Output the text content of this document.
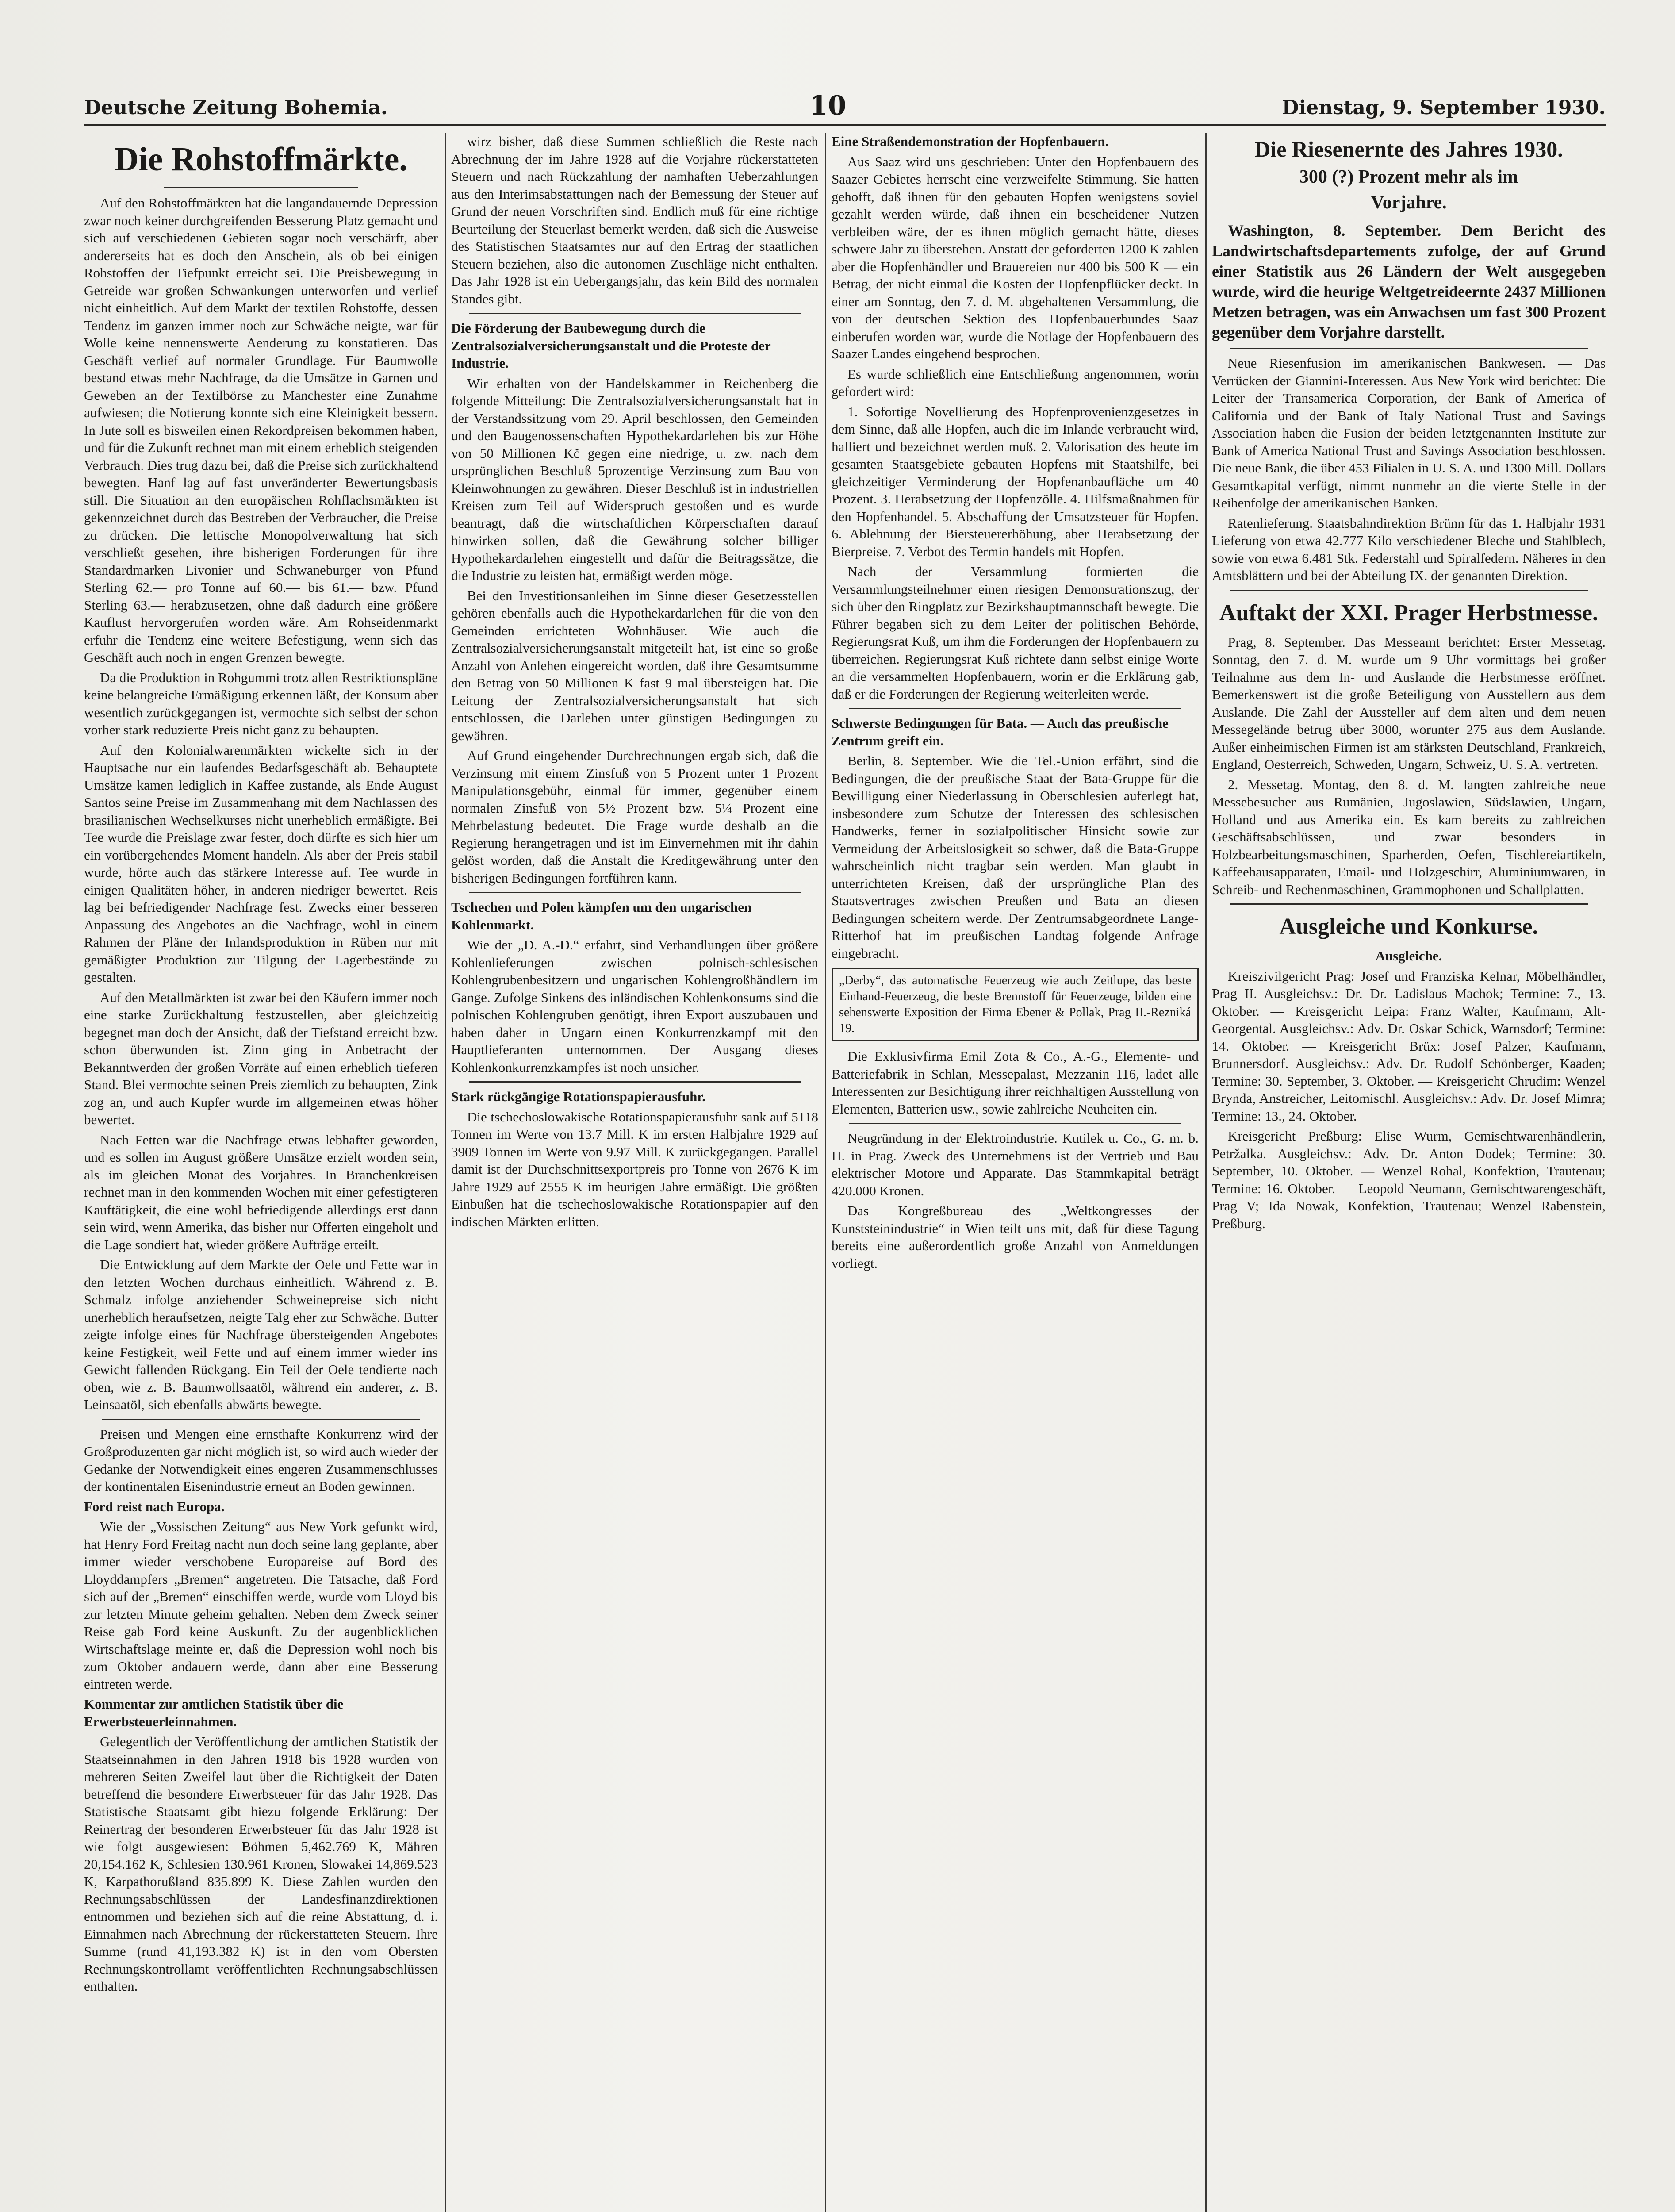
Deutsche Zeitung Bohemia.	10	Dienstag, 9. September 1930.
Die Rohstoffmärkte.

Auf den Rohstoffmärkten hat die langandauernde Depression zwar noch keiner durchgreifenden Besserung Platz gemacht und sich auf verschiedenen Gebieten sogar noch verschärft, aber andererseits hat es doch den Anschein, als ob bei einigen Rohstoffen der Tiefpunkt erreicht sei. Die Preisbewegung in Getreide war großen Schwankungen unterworfen und verlief nicht einheitlich. Auf dem Markt der textilen Rohstoffe, dessen Tendenz im ganzen immer noch zur Schwäche neigte, war für Wolle keine nennenswerte Aenderung zu konstatieren. Das Geschäft verlief auf normaler Grundlage. Für Baumwolle bestand etwas mehr Nachfrage, da die Umsätze in Garnen und Geweben an der Textilbörse zu Manchester eine Zunahme aufwiesen; die Notierung konnte sich eine Kleinigkeit bessern. In Jute soll es bisweilen einen Rekordpreisen bekommen haben, und für die Zukunft rechnet man mit einem erheblich steigenden Verbrauch. Dies trug dazu bei, daß die Preise sich zurückhaltend bewegten. Hanf lag auf fast unveränderter Bewertungsbasis still. Die Situation an den europäischen Rohflachsmärkten ist gekennzeichnet durch das Bestreben der Verbraucher, die Preise zu drücken. Die lettische Monopolverwaltung hat sich verschließt gesehen, ihre bisherigen Forderungen für ihre Standardmarken Livonier und Schwaneburger von Pfund Sterling 62.— pro Tonne auf 60.— bis 61.— bzw. Pfund Sterling 63.— herabzusetzen, ohne daß dadurch eine größere Kauflust hervorgerufen worden wäre. Am Rohseidenmarkt erfuhr die Tendenz eine weitere Befestigung, wenn sich das Geschäft auch noch in engen Grenzen bewegte.

Da die Produktion in Rohgummi trotz allen Restriktionspläne keine belangreiche Ermäßigung erkennen läßt, der Konsum aber wesentlich zurückgegangen ist, vermochte sich selbst der schon vorher stark reduzierte Preis nicht ganz zu behaupten.

Auf den Kolonialwarenmärkten wickelte sich in der Hauptsache nur ein laufendes Bedarfsgeschäft ab. Behauptete Umsätze kamen lediglich in Kaffee zustande, als Ende August Santos seine Preise im Zusammenhang mit dem Nachlassen des brasilianischen Wechselkurses nicht unerheblich ermäßigte. Bei Tee wurde die Preislage zwar fester, doch dürfte es sich hier um ein vorübergehendes Moment handeln. Als aber der Preis stabil wurde, hörte auch das stärkere Interesse auf. Tee wurde in einigen Qualitäten höher, in anderen niedriger bewertet. Reis lag bei befriedigender Nachfrage fest. Zwecks einer besseren Anpassung des Angebotes an die Nachfrage, wohl in einem Rahmen der Pläne der Inlandsproduktion in Rüben nur mit gemäßigter Produktion zur Tilgung der Lagerbestände zu gestalten.

Auf den Metallmärkten ist zwar bei den Käufern immer noch eine starke Zurückhaltung festzustellen, aber gleichzeitig begegnet man doch der Ansicht, daß der Tiefstand erreicht bzw. schon überwunden ist. Zinn ging in Anbetracht der Bekanntwerden der großen Vorräte auf einen erheblich tieferen Stand. Blei vermochte seinen Preis ziemlich zu behaupten, Zink zog an, und auch Kupfer wurde im allgemeinen etwas höher bewertet.

Nach Fetten war die Nachfrage etwas lebhafter geworden, und es sollen im August größere Umsätze erzielt worden sein, als im gleichen Monat des Vorjahres. In Branchenkreisen rechnet man in den kommenden Wochen mit einer gefestigteren Kauftätigkeit, die eine wohl befriedigende allerdings erst dann sein wird, wenn Amerika, das bisher nur Offerten eingeholt und die Lage sondiert hat, wieder größere Aufträge erteilt.

Die Entwicklung auf dem Markte der Oele und Fette war in den letzten Wochen durchaus einheitlich. Während z. B. Schmalz infolge anziehender Schweinepreise sich nicht unerheblich heraufsetzen, neigte Talg eher zur Schwäche. Butter zeigte infolge eines für Nachfrage übersteigenden Angebotes keine Festigkeit, weil Fette und auf einem immer wieder ins Gewicht fallenden Rückgang. Ein Teil der Oele tendierte nach oben, wie z. B. Baumwollsaatöl, während ein anderer, z. B. Leinsaatöl, sich ebenfalls abwärts bewegte.

Preisen und Mengen eine ernsthafte Konkurrenz wird der Großproduzenten gar nicht möglich ist, so wird auch wieder der Gedanke der Notwendigkeit eines engeren Zusammenschlusses der kontinentalen Eisenindustrie erneut an Boden gewinnen.

Ford reist nach Europa.

Wie der „Vossischen Zeitung“ aus New York gefunkt wird, hat Henry Ford Freitag nacht nun doch seine lang geplante, aber immer wieder verschobene Europareise auf Bord des Lloyddampfers „Bremen“ angetreten. Die Tatsache, daß Ford sich auf der „Bremen“ einschiffen werde, wurde vom Lloyd bis zur letzten Minute geheim gehalten. Neben dem Zweck seiner Reise gab Ford keine Auskunft. Zu der augenblicklichen Wirtschaftslage meinte er, daß die Depression wohl noch bis zum Oktober andauern werde, dann aber eine Besserung eintreten werde.

Kommentar zur amtlichen Statistik über die Erwerbsteuerleinnahmen.

Gelegentlich der Veröffentlichung der amtlichen Statistik der Staatseinnahmen in den Jahren 1918 bis 1928 wurden von mehreren Seiten Zweifel laut über die Richtigkeit der Daten betreffend die besondere Erwerbsteuer für das Jahr 1928. Das Statistische Staatsamt gibt hiezu folgende Erklärung: Der Reinertrag der besonderen Erwerbsteuer für das Jahr 1928 ist wie folgt ausgewiesen: Böhmen 5,462.769 K, Mähren 20,154.162 K, Schlesien 130.961 Kronen, Slowakei 14,869.523 K, Karpathorußland 835.899 K. Diese Zahlen wurden den Rechnungsabschlüssen der Landesfinanzdirektionen entnommen und beziehen sich auf die reine Abstattung, d. i. Einnahmen nach Abrechnung der rückerstatteten Steuern. Ihre Summe (rund 41,193.382 K) ist in den vom Obersten Rechnungskontrollamt veröffentlichten Rechnungsabschlüssen enthalten.

wirz bisher, daß diese Summen schließlich die Reste nach Abrechnung der im Jahre 1928 auf die Vorjahre rückerstatteten Steuern und nach Rückzahlung der namhaften Ueberzahlungen aus den Interimsabstattungen nach der Bemessung der Steuer auf Grund der neuen Vorschriften sind. Endlich muß für eine richtige Beurteilung der Steuerlast bemerkt werden, daß sich die Ausweise des Statistischen Staatsamtes nur auf den Ertrag der staatlichen Steuern beziehen, also die autonomen Zuschläge nicht enthalten. Das Jahr 1928 ist ein Uebergangsjahr, das kein Bild des normalen Standes gibt.

Die Förderung der Baubewegung durch die Zentralsozialversicherungsanstalt und die Proteste der Industrie.

Wir erhalten von der Handelskammer in Reichenberg die folgende Mitteilung: Die Zentralsozialversicherungsanstalt hat in der Verstandssitzung vom 29. April beschlossen, den Gemeinden und den Baugenossenschaften Hypothekardarlehen bis zur Höhe von 50 Millionen Kč gegen eine niedrige, u. zw. nach dem ursprünglichen Beschluß 5prozentige Verzinsung zum Bau von Kleinwohnungen zu gewähren. Dieser Beschluß ist in industriellen Kreisen zum Teil auf Widerspruch gestoßen und es wurde beantragt, daß die wirtschaftlichen Körperschaften darauf hinwirken sollen, daß die Gewährung solcher billiger Hypothekardarlehen eingestellt und dafür die Beitragssätze, die die Industrie zu leisten hat, ermäßigt werden möge.

Bei den Investitionsanleihen im Sinne dieser Gesetzesstellen gehören ebenfalls auch die Hypothekardarlehen für die von den Gemeinden errichteten Wohnhäuser. Wie auch die Zentralsozialversicherungsanstalt mitgeteilt hat, ist eine so große Anzahl von Anlehen eingereicht worden, daß ihre Gesamtsumme den Betrag von 50 Millionen K fast 9 mal übersteigen hat. Die Leitung der Zentralsozialversicherungsanstalt hat sich entschlossen, die Darlehen unter günstigen Bedingungen zu gewähren.

Auf Grund eingehender Durchrechnungen ergab sich, daß die Verzinsung mit einem Zinsfuß von 5 Prozent unter 1 Prozent Manipulationsgebühr, einmal für immer, gegenüber einem normalen Zinsfuß von 5½ Prozent bzw. 5¼ Prozent eine Mehrbelastung bedeutet. Die Frage wurde deshalb an die Regierung herangetragen und ist im Einvernehmen mit ihr dahin gelöst worden, daß die Anstalt die Kreditgewährung unter den bisherigen Bedingungen fortführen kann.

Tschechen und Polen kämpfen um den ungarischen Kohlenmarkt.

Wie der „D. A.-D.“ erfahrt, sind Verhandlungen über größere Kohlenlieferungen zwischen polnisch-schlesischen Kohlengrubenbesitzern und ungarischen Kohlengroßhändlern im Gange. Zufolge Sinkens des inländischen Kohlenkonsums sind die polnischen Kohlengruben genötigt, ihren Export auszubauen und haben daher in Ungarn einen Konkurrenzkampf mit den Hauptlieferanten unternommen. Der Ausgang dieses Kohlenkonkurrenzkampfes ist noch unsicher.

Stark rückgängige Rotationspapierausfuhr.

Die tschechoslowakische Rotationspapierausfuhr sank auf 5118 Tonnen im Werte von 13.7 Mill. K im ersten Halbjahre 1929 auf 3909 Tonnen im Werte von 9.97 Mill. K zurückgegangen. Parallel damit ist der Durchschnittsexportpreis pro Tonne von 2676 K im Jahre 1929 auf 2555 K im heurigen Jahre ermäßigt. Die größten Einbußen hat die tschechoslowakische Rotationspapier auf den indischen Märkten erlitten.

Eine Straßendemonstration der Hopfenbauern.

Aus Saaz wird uns geschrieben: Unter den Hopfenbauern des Saazer Gebietes herrscht eine verzweifelte Stimmung. Sie hatten gehofft, daß ihnen für den gebauten Hopfen wenigstens soviel gezahlt werden würde, daß ihnen ein bescheidener Nutzen verbleiben wäre, der es ihnen möglich gemacht hätte, dieses schwere Jahr zu überstehen. Anstatt der geforderten 1200 K zahlen aber die Hopfenhändler und Brauereien nur 400 bis 500 K — ein Betrag, der nicht einmal die Kosten der Hopfenpflücker deckt. In einer am Sonntag, den 7. d. M. abgehaltenen Versammlung, die von der deutschen Sektion des Hopfenbauerbundes Saaz einberufen worden war, wurde die Notlage der Hopfenbauern des Saazer Landes eingehend besprochen.

Es wurde schließlich eine Entschließung angenommen, worin gefordert wird:

1. Sofortige Novellierung des Hopfenprovenienzgesetzes in dem Sinne, daß alle Hopfen, auch die im Inlande verbraucht wird, halliert und bezeichnet werden muß. 2. Valorisation des heute im gesamten Staatsgebiete gebauten Hopfens mit Staatshilfe, bei gleichzeitiger Verminderung der Hopfenanbaufläche um 40 Prozent. 3. Herabsetzung der Hopfenzölle. 4. Hilfsmaßnahmen für den Hopfenhandel. 5. Abschaffung der Umsatzsteuer für Hopfen. 6. Ablehnung der Biersteuererhöhung, aber Herabsetzung der Bierpreise. 7. Verbot des Termin handels mit Hopfen.

Nach der Versammlung formierten die Versammlungsteilnehmer einen riesigen Demonstrationszug, der sich über den Ringplatz zur Bezirkshauptmannschaft bewegte. Die Führer begaben sich zu dem Leiter der politischen Behörde, Regierungsrat Kuß, um ihm die Forderungen der Hopfenbauern zu überreichen. Regierungsrat Kuß richtete dann selbst einige Worte an die versammelten Hopfenbauern, worin er die Erklärung gab, daß er die Forderungen der Regierung weiterleiten werde.

Schwerste Bedingungen für Bata. — Auch das preußische Zentrum greift ein.

Berlin, 8. September. Wie die Tel.-Union erfährt, sind die Bedingungen, die der preußische Staat der Bata-Gruppe für die Bewilligung einer Niederlassung in Oberschlesien auferlegt hat, insbesondere zum Schutze der Interessen des schlesischen Handwerks, ferner in sozialpolitischer Hinsicht sowie zur Vermeidung der Arbeitslosigkeit so schwer, daß die Bata-Gruppe wahrscheinlich nicht tragbar sein werden. Man glaubt in unterrichteten Kreisen, daß der ursprüngliche Plan des Staatsvertrages zwischen Preußen und Bata an diesen Bedingungen scheitern werde. Der Zentrumsabgeordnete Lange-Ritterhof hat im preußischen Landtag folgende Anfrage eingebracht.

„Derby“, das automatische Feuerzeug wie auch Zeitlupe, das beste Einhand-Feuerzeug, die beste Brennstoff für Feuerzeuge, bilden eine sehenswerte Exposition der Firma Ebener & Pollak, Prag II.-Rezniká 19.

Die Exklusivfirma Emil Zota & Co., A.-G., Elemente- und Batteriefabrik in Schlan, Messepalast, Mezzanin 116, ladet alle Interessenten zur Besichtigung ihrer reichhaltigen Ausstellung von Elementen, Batterien usw., sowie zahlreiche Neuheiten ein.

Neugründung in der Elektroindustrie. Kutilek u. Co., G. m. b. H. in Prag. Zweck des Unternehmens ist der Vertrieb und Bau elektrischer Motore und Apparate. Das Stammkapital beträgt 420.000 Kronen.

Das Kongreßbureau des „Weltkongresses der Kunststeinindustrie“ in Wien teilt uns mit, daß für diese Tagung bereits eine außerordentlich große Anzahl von Anmeldungen vorliegt.

Die Riesenernte des Jahres 1930.
300 (?) Prozent mehr als im
Vorjahre.

Washington, 8. September. Dem Bericht des Landwirtschaftsdepartements zufolge, der auf Grund einer Statistik aus 26 Ländern der Welt ausgegeben wurde, wird die heurige Weltgetreideernte 2437 Millionen Metzen betragen, was ein Anwachsen um fast 300 Prozent gegenüber dem Vorjahre darstellt.

Neue Riesenfusion im amerikanischen Bankwesen. — Das Verrücken der Giannini-Interessen. Aus New York wird berichtet: Die Leiter der Transamerica Corporation, der Bank of America of California und der Bank of Italy National Trust and Savings Association haben die Fusion der beiden letztgenannten Institute zur Bank of America National Trust and Savings Association beschlossen. Die neue Bank, die über 453 Filialen in U. S. A. und 1300 Mill. Dollars Gesamtkapital verfügt, nimmt nunmehr an die vierte Stelle in der Reihenfolge der amerikanischen Banken.

Ratenlieferung. Staatsbahndirektion Brünn für das 1. Halbjahr 1931 Lieferung von etwa 42.777 Kilo verschiedener Bleche und Stahlblech, sowie von etwa 6.481 Stk. Federstahl und Spiralfedern. Näheres in den Amtsblättern und bei der Abteilung IX. der genannten Direktion.

Auftakt der XXI. Prager Herbstmesse.

Prag, 8. September. Das Messeamt berichtet: Erster Messetag. Sonntag, den 7. d. M. wurde um 9 Uhr vormittags bei großer Teilnahme aus dem In- und Auslande die Herbstmesse eröffnet. Bemerkenswert ist die große Beteiligung von Ausstellern aus dem Auslande. Die Zahl der Aussteller auf dem alten und dem neuen Messegelände betrug über 3000, worunter 275 aus dem Auslande. Außer einheimischen Firmen ist am stärksten Deutschland, Frankreich, England, Oesterreich, Schweden, Ungarn, Schweiz, U. S. A. vertreten.

2. Messetag. Montag, den 8. d. M. langten zahlreiche neue Messebesucher aus Rumänien, Jugoslawien, Südslawien, Ungarn, Holland und aus Amerika ein. Es kam bereits zu zahlreichen Geschäftsabschlüssen, und zwar besonders in Holzbearbeitungsmaschinen, Sparherden, Oefen, Tischlereiartikeln, Kaffeehausapparaten, Email- und Holzgeschirr, Aluminiumwaren, in Schreib- und Rechenmaschinen, Grammophonen und Schallplatten.

Ausgleiche und Konkurse.

Ausgleiche.

Kreiszivilgericht Prag: Josef und Franziska Kelnar, Möbelhändler, Prag II. Ausgleichsv.: Dr. Dr. Ladislaus Machok; Termine: 7., 13. Oktober. — Kreisgericht Leipa: Franz Walter, Kaufmann, Alt-Georgental. Ausgleichsv.: Adv. Dr. Oskar Schick, Warnsdorf; Termine: 14. Oktober. — Kreisgericht Brüx: Josef Palzer, Kaufmann, Brunnersdorf. Ausgleichsv.: Adv. Dr. Rudolf Schönberger, Kaaden; Termine: 30. September, 3. Oktober. — Kreisgericht Chrudim: Wenzel Brynda, Anstreicher, Leitomischl. Ausgleichsv.: Adv. Dr. Josef Mimra; Termine: 13., 24. Oktober.

Kreisgericht Preßburg: Elise Wurm, Gemischtwarenhändlerin, Petržalka. Ausgleichsv.: Adv. Dr. Anton Dodek; Termine: 30. September, 10. Oktober. — Wenzel Rohal, Konfektion, Trautenau; Termine: 16. Oktober. — Leopold Neumann, Gemischtwarengeschäft, Prag V; Ida Nowak, Konfektion, Trautenau; Wenzel Rabenstein, Preßburg.
